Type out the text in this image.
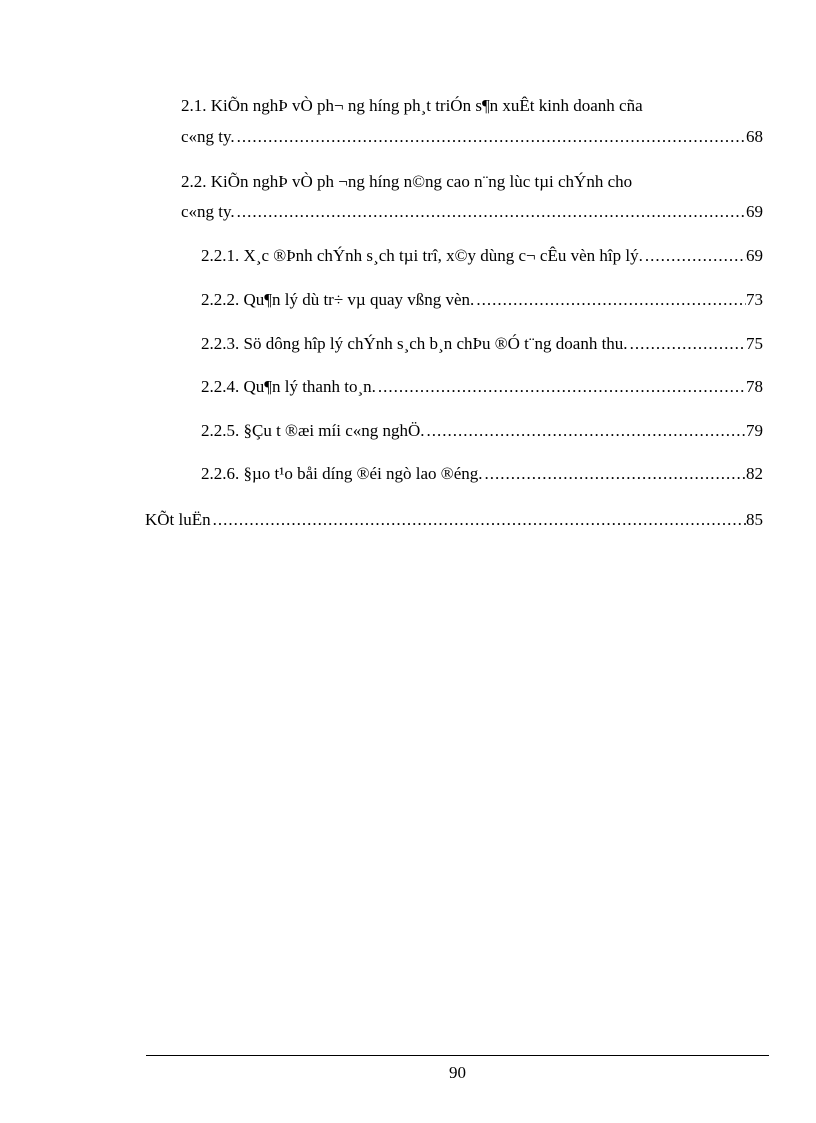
2.1. KiÕn nghÞ vÒ ph¬ ng híng ph¸t triÓn s¶n xuÊt kinh doanh cña
c«ng ty. .....	68
2.2. KiÕn nghÞ vÒ ph ¬ng híng n©ng cao n¨ng lùc tµi chÝnh cho
c«ng ty. .....	69
2.2.1. X¸c ®Þnh chÝnh s¸ch tµi trî, x©y dùng c¬ cÊu vèn hîp lý. .....	69
2.2.2. Qu¶n lý dù tr÷ vµ quay vßng vèn. .....	73
2.2.3. Sö dông hîp lý chÝnh s¸ch b¸n chÞu ®Ó t¨ng doanh thu. .....	75
2.2.4. Qu¶n lý thanh to¸n. .....	78
2.2.5. §Çu t ®æi míi c«ng nghÖ. .....	79
2.2.6. §µo t¹o båi díng ®éi ngò lao ®éng. .....	82
KÕt luËn .....	85
90
